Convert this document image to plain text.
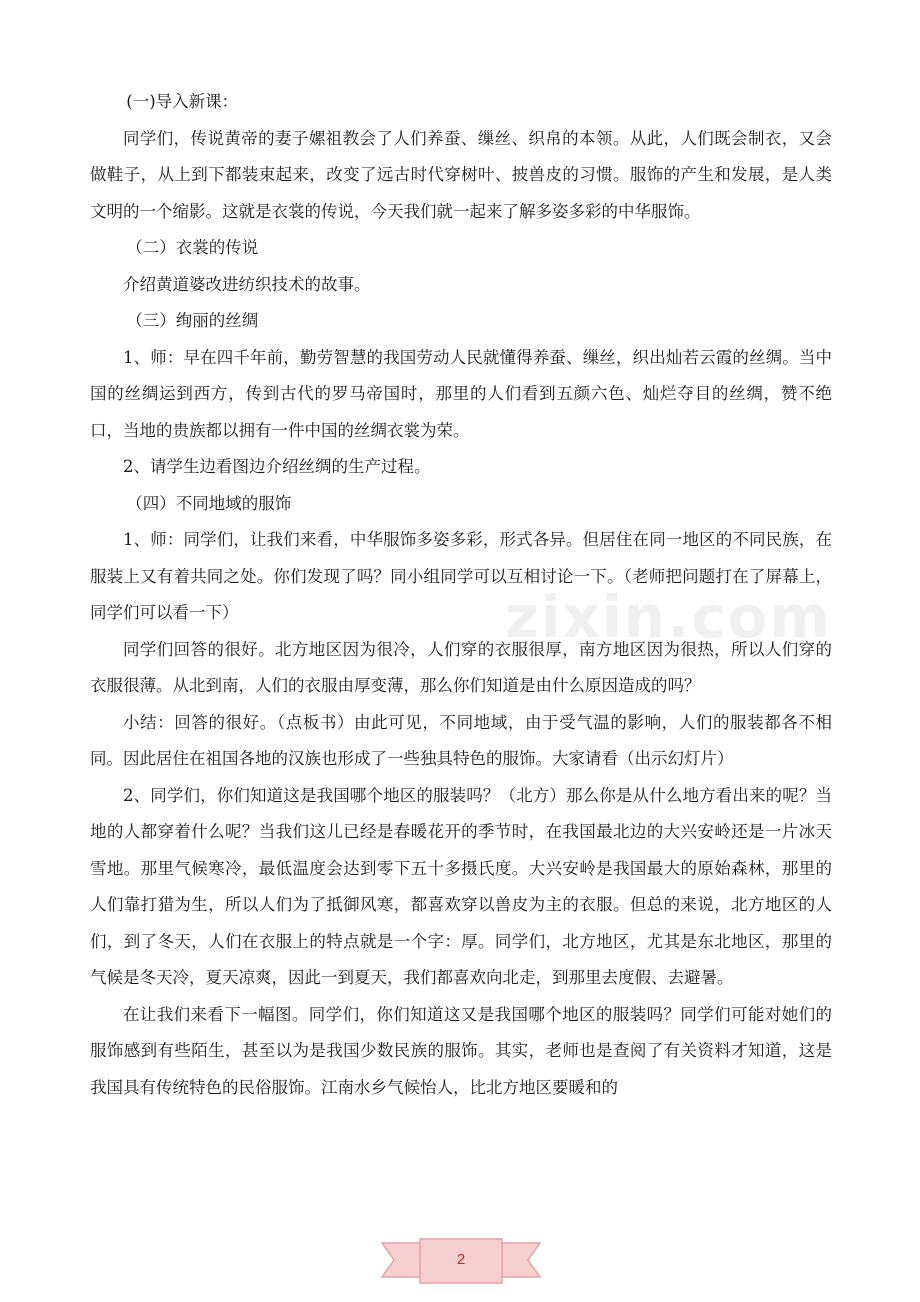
zixin.com

(一)导入新课：

同学们，传说黄帝的妻子嫘祖教会了人们养蚕、缫丝、织帛的本领。从此，人们既会制衣，又会做鞋子，从上到下都装束起来，改变了远古时代穿树叶、披兽皮的习惯。服饰的产生和发展，是人类文明的一个缩影。这就是衣裳的传说，今天我们就一起来了解多姿多彩的中华服饰。

（二）衣裳的传说

介绍黄道婆改进纺织技术的故事。

（三）绚丽的丝绸

1、师：早在四千年前，勤劳智慧的我国劳动人民就懂得养蚕、缫丝，织出灿若云霞的丝绸。当中国的丝绸运到西方，传到古代的罗马帝国时，那里的人们看到五颜六色、灿烂夺目的丝绸，赞不绝口，当地的贵族都以拥有一件中国的丝绸衣裳为荣。

2、请学生边看图边介绍丝绸的生产过程。

（四）不同地域的服饰

1、师：同学们，让我们来看，中华服饰多姿多彩，形式各异。但居住在同一地区的不同民族，在服装上又有着共同之处。你们发现了吗？同小组同学可以互相讨论一下。（老师把问题打在了屏幕上，同学们可以看一下）

同学们回答的很好。北方地区因为很冷，人们穿的衣服很厚，南方地区因为很热，所以人们穿的衣服很薄。从北到南，人们的衣服由厚变薄，那么你们知道是由什么原因造成的吗？

小结：回答的很好。（点板书）由此可见，不同地域，由于受气温的影响，人们的服装都各不相同。因此居住在祖国各地的汉族也形成了一些独具特色的服饰。大家请看（出示幻灯片）

2、同学们，你们知道这是我国哪个地区的服装吗？（北方）那么你是从什么地方看出来的呢？当地的人都穿着什么呢？当我们这儿已经是春暖花开的季节时，在我国最北边的大兴安岭还是一片冰天雪地。那里气候寒冷，最低温度会达到零下五十多摄氏度。大兴安岭是我国最大的原始森林，那里的人们靠打猎为生，所以人们为了抵御风寒，都喜欢穿以兽皮为主的衣服。但总的来说，北方地区的人们，到了冬天，人们在衣服上的特点就是一个字：厚。同学们，北方地区，尤其是东北地区，那里的气候是冬天冷，夏天凉爽，因此一到夏天，我们都喜欢向北走，到那里去度假、去避暑。

在让我们来看下一幅图。同学们，你们知道这又是我国哪个地区的服装吗？同学们可能对她们的服饰感到有些陌生，甚至以为是我国少数民族的服饰。其实，老师也是查阅了有关资料才知道，这是我国具有传统特色的民俗服饰。江南水乡气候怡人，比北方地区要暖和的

2
